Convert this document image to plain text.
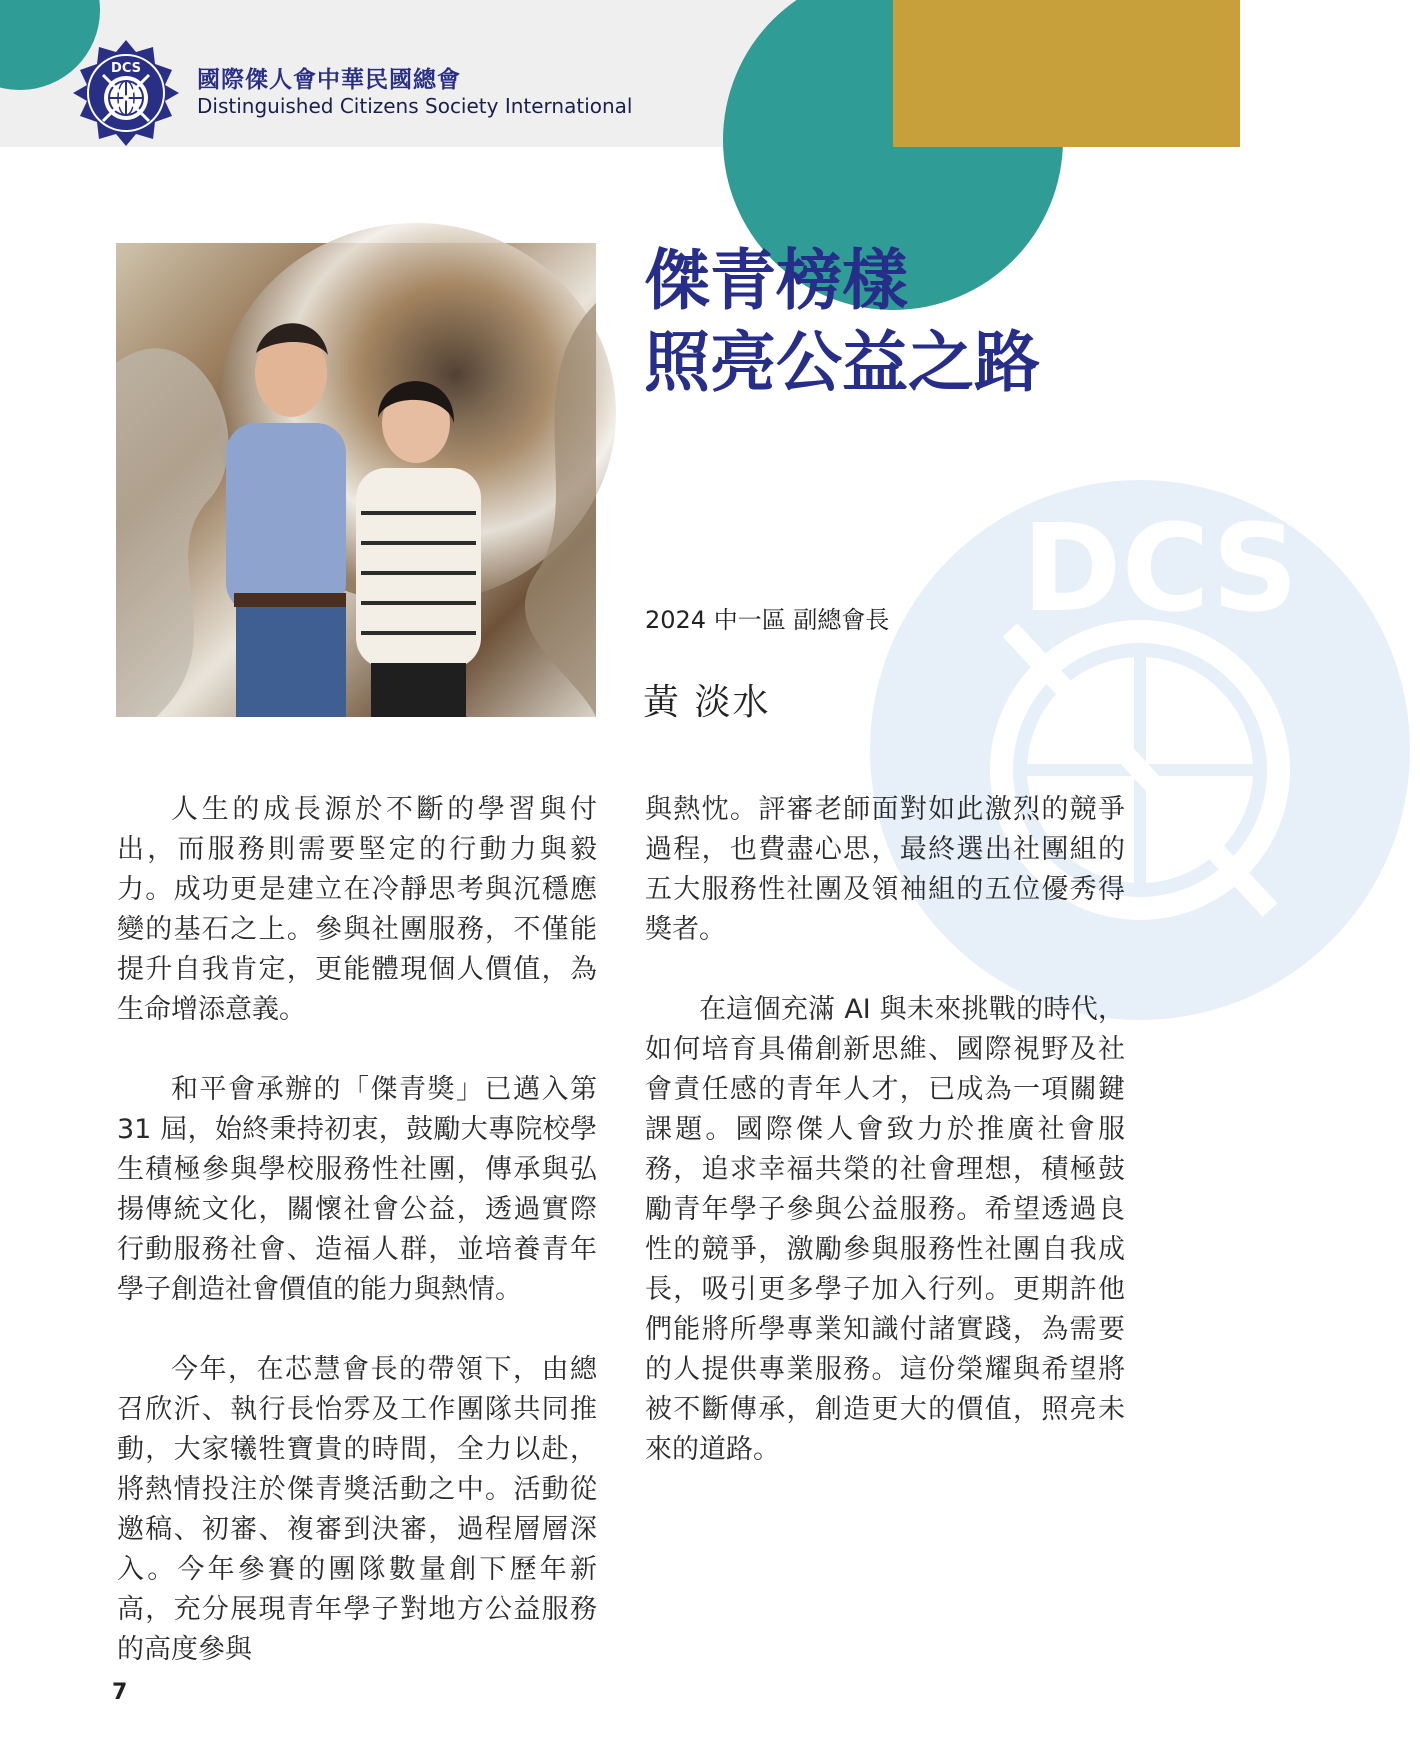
DCS 國際傑人會中華民國總會
Distinguished Citizens Society International
DCS
傑青榜樣
照亮公益之路
2024 中一區 副總會長
黃 淡水

人生的成長源於不斷的學習與付出，而服務則需要堅定的行動力與毅力。成功更是建立在冷靜思考與沉穩應變的基石之上。參與社團服務，不僅能提升自我肯定，更能體現個人價值，為生命增添意義。

和平會承辦的「傑青獎」已邁入第 31 屆，始終秉持初衷，鼓勵大專院校學生積極參與學校服務性社團，傳承與弘揚傳統文化，關懷社會公益，透過實際行動服務社會、造福人群，並培養青年學子創造社會價值的能力與熱情。

今年，在芯慧會長的帶領下，由總召欣沂、執行長怡雰及工作團隊共同推動，大家犧牲寶貴的時間，全力以赴，將熱情投注於傑青獎活動之中。活動從邀稿、初審、複審到決審，過程層層深入。今年參賽的團隊數量創下歷年新高，充分展現青年學子對地方公益服務的高度參與

與熱忱。評審老師面對如此激烈的競爭過程，也費盡心思，最終選出社團組的五大服務性社團及領袖組的五位優秀得獎者。

在這個充滿 AI 與未來挑戰的時代，如何培育具備創新思維、國際視野及社會責任感的青年人才，已成為一項關鍵課題。國際傑人會致力於推廣社會服務，追求幸福共榮的社會理想，積極鼓勵青年學子參與公益服務。希望透過良性的競爭，激勵參與服務性社團自我成長，吸引更多學子加入行列。更期許他們能將所學專業知識付諸實踐，為需要的人提供專業服務。這份榮耀與希望將被不斷傳承，創造更大的價值，照亮未來的道路。

7
